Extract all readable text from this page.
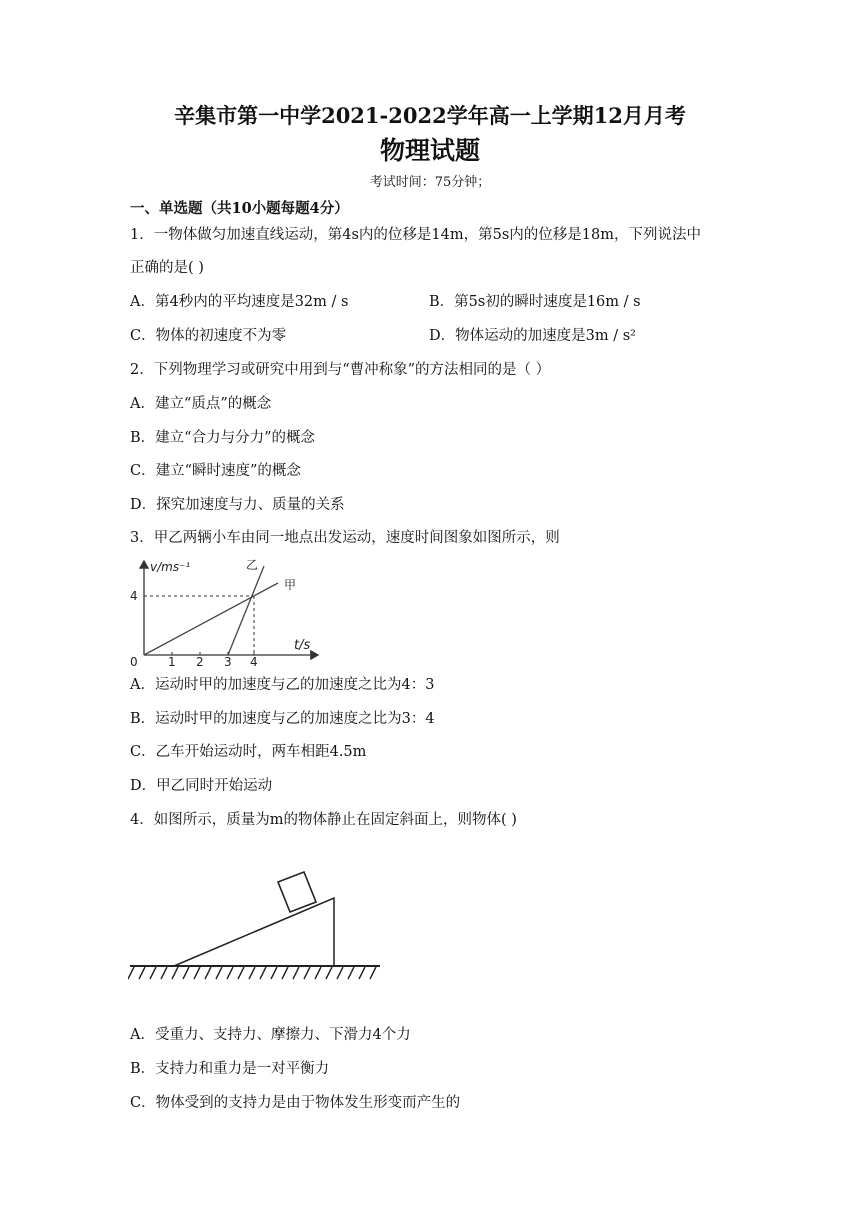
辛集市第一中学2021-2022学年高一上学期12月月考
物理试题
考试时间：75分钟；
一、单选题（共10小题每题4分）
1．一物体做匀加速直线运动，第4s内的位移是14m，第5s内的位移是18m，下列说法中
正确的是( )
A．第4秒内的平均速度是32m / s	B．第5s初的瞬时速度是16m / s
C．物体的初速度不为零	D．物体运动的加速度是3m / s²
2．下列物理学习或研究中用到与“曹冲称象”的方法相同的是（ ）
A．建立“质点”的概念
B．建立“合力与分力”的概念
C．建立“瞬时速度”的概念
D．探究加速度与力、质量的关系
3．甲乙两辆小车由同一地点出发运动，速度时间图象如图所示，则
v/ms⁻¹
t/s
0
4
1 2 3 4
乙
甲
A．运动时甲的加速度与乙的加速度之比为4：3
B．运动时甲的加速度与乙的加速度之比为3：4
C．乙车开始运动时，两车相距4.5m
D．甲乙同时开始运动
4．如图所示，质量为m的物体静止在固定斜面上，则物体( )
A．受重力、支持力、摩擦力、下滑力4个力
B．支持力和重力是一对平衡力
C．物体受到的支持力是由于物体发生形变而产生的
